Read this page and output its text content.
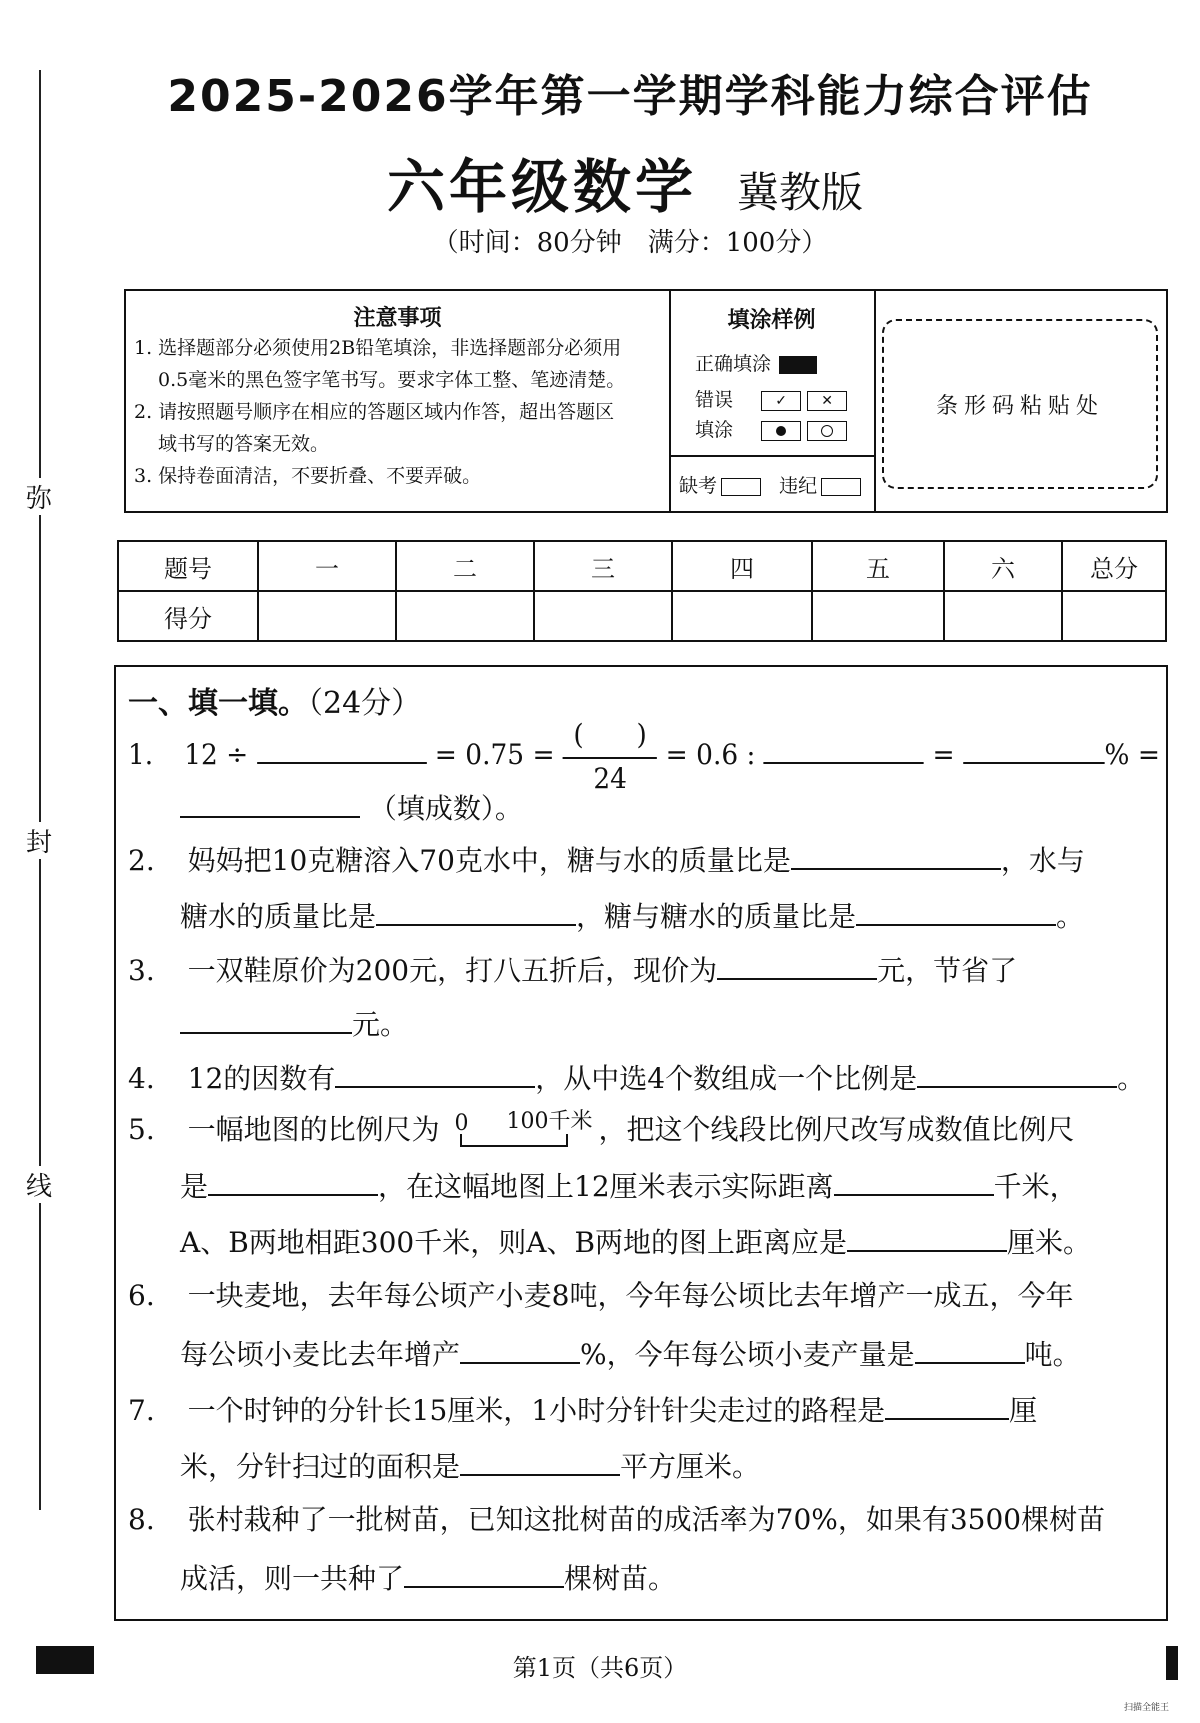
弥
封
线
2025-2026学年第一学期学科能力综合评估
六年级数学 冀教版
（时间：80分钟　满分：100分）
注意事项
1. 选择题部分必须使用2B铅笔填涂，非选择题部分必须用
0.5毫米的黑色签字笔书写。要求字体工整、笔迹清楚。
2. 请按照题号顺序在相应的答题区域内作答，超出答题区
域书写的答案无效。
3. 保持卷面清洁，不要折叠、不要弄破。
填涂样例
正确填涂
错误	✓ ✕
填涂
缺考	违纪
条形码粘贴处
题号	一	二	三	四	五	六	总分
得分							
一、填一填。（24分）
1. 12 ÷	= $0.75 = \frac{( )}{24} = 0.6$ :	=	% =
（填成数）。
2. 妈妈把10克糖溶入70克水中，糖与水的质量比是	，水与
糖水的质量比是	，糖与糖水的质量比是	。
3. 一双鞋原价为200元，打八五折后，现价为	元，节省了
元。
4. 12的因数有	，从中选4个数组成一个比例是	。
5. 一幅地图的比例尺为 0 100千米 ，把这个线段比例尺改写成数值比例尺
是	，在这幅地图上12厘米表示实际距离	千米，
A、B两地相距300千米，则A、B两地的图上距离应是	厘米。
6. 一块麦地，去年每公顷产小麦8吨，今年每公顷比去年增产一成五，今年
每公顷小麦比去年增产	%，今年每公顷小麦产量是	吨。
7. 一个时钟的分针长15厘米，1小时分针针尖走过的路程是	厘
米，分针扫过的面积是	平方厘米。
8. 张村栽种了一批树苗，已知这批树苗的成活率为70%，如果有3500棵树苗
成活，则一共种了	棵树苗。
第1页（共6页）
扫描全能王
